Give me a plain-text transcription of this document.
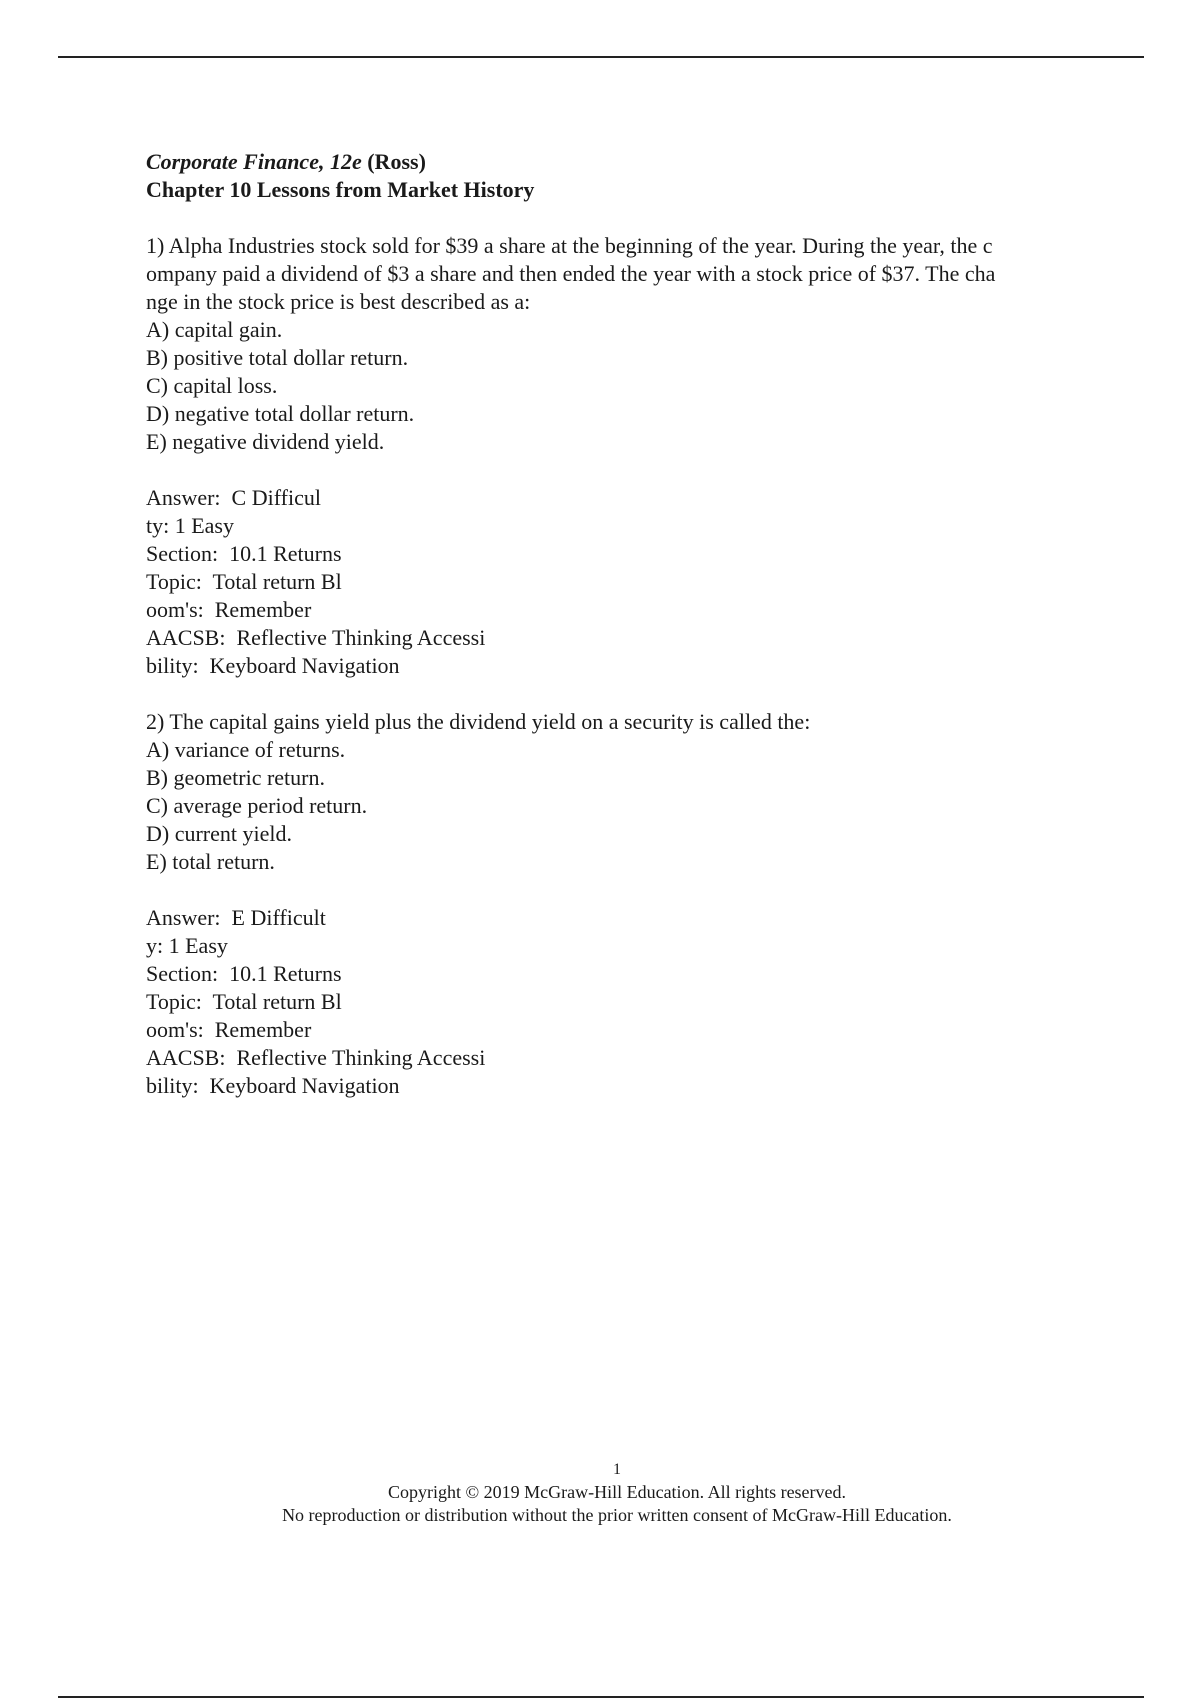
Corporate Finance, 12e (Ross)
Chapter 10 Lessons from Market History
1) Alpha Industries stock sold for $39 a share at the beginning of the year. During the year, the c
ompany paid a dividend of $3 a share and then ended the year with a stock price of $37. The cha
nge in the stock price is best described as a:
A) capital gain.
B) positive total dollar return.
C) capital loss.
D) negative total dollar return.
E) negative dividend yield.
Answer:  C Difficul
ty: 1 Easy
Section:  10.1 Returns
Topic:  Total return Bl
oom's:  Remember
AACSB:  Reflective Thinking Accessi
bility:  Keyboard Navigation
2) The capital gains yield plus the dividend yield on a security is called the:
A) variance of returns.
B) geometric return.
C) average period return.
D) current yield.
E) total return.
Answer:  E Difficult
y: 1 Easy
Section:  10.1 Returns
Topic:  Total return Bl
oom's:  Remember
AACSB:  Reflective Thinking Accessi
bility:  Keyboard Navigation
1
Copyright © 2019 McGraw-Hill Education. All rights reserved.
No reproduction or distribution without the prior written consent of McGraw-Hill Education.
